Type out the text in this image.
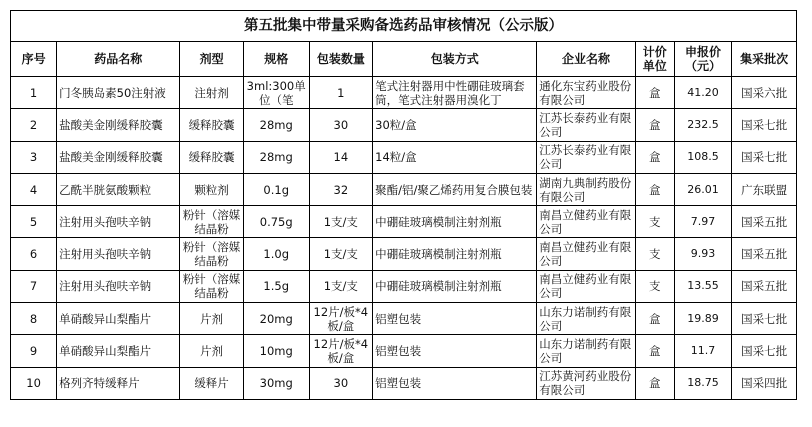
第五批集中带量采购备选药品审核情况（公示版）									
序号	药品名称	剂型	规格	包装数量	包装方式	企业名称	计价单位	申报价（元）	集采批次
1	门冬胰岛素50注射液	注射剂	3ml:300单位（笔	1	笔式注射器用中性硼硅玻璃套筒，笔式注射器用溴化丁	通化东宝药业股份有限公司	盒	41.20	国采六批
2	盐酸美金刚缓释胶囊	缓释胶囊	28mg	30	30粒/盒	江苏长泰药业有限公司	盒	232.5	国采七批
3	盐酸美金刚缓释胶囊	缓释胶囊	28mg	14	14粒/盒	江苏长泰药业有限公司	盒	108.5	国采七批
4	乙酰半胱氨酸颗粒	颗粒剂	0.1g	32	聚酯/铝/聚乙烯药用复合膜包装	湖南九典制药股份有限公司	盒	26.01	广东联盟
5	注射用头孢呋辛钠	粉针（溶媒结晶粉	0.75g	1支/支	中硼硅玻璃模制注射剂瓶	南昌立健药业有限公司	支	7.97	国采五批
6	注射用头孢呋辛钠	粉针（溶媒结晶粉	1.0g	1支/支	中硼硅玻璃模制注射剂瓶	南昌立健药业有限公司	支	9.93	国采五批
7	注射用头孢呋辛钠	粉针（溶媒结晶粉	1.5g	1支/支	中硼硅玻璃模制注射剂瓶	南昌立健药业有限公司	支	13.55	国采五批
8	单硝酸异山梨酯片	片剂	20mg	12片/板*4板/盒	铝塑包装	山东力诺制药有限公司	盒	19.89	国采七批
9	单硝酸异山梨酯片	片剂	10mg	12片/板*4板/盒	铝塑包装	山东力诺制药有限公司	盒	11.7	国采七批
10	格列齐特缓释片	缓释片	30mg	30	铝塑包装	江苏黄河药业股份有限公司	盒	18.75	国采四批
